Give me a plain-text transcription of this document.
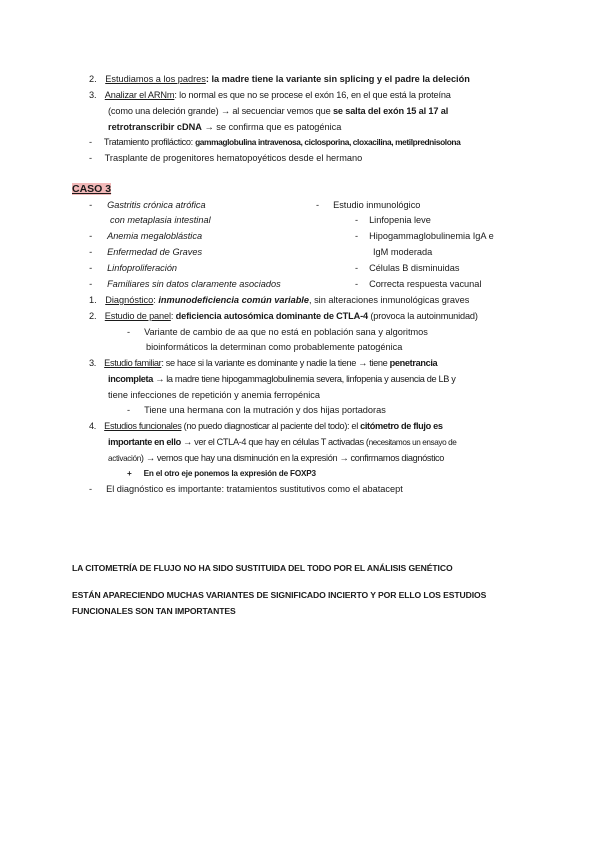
2. Estudiamos a los padres: la madre tiene la variante sin splicing y el padre la deleción
3. Analizar el ARNm: lo normal es que no se procese el exón 16, en el que está la proteína
(como una deleción grande) → al secuenciar vemos que se salta del exón 15 al 17 al
retrotranscribir cDNA → se confirma que es patogénica
- Tratamiento profiláctico: gammaglobulina intravenosa, ciclosporina, cloxacilina, metilprednisolona
- Trasplante de progenitores hematopoyéticos desde el hermano
CASO 3
- Gastritis crónica atrófica
con metaplasia intestinal
- Anemia megaloblástica
- Enfermedad de Graves
- Linfoproliferación
- Familiares sin datos claramente asociados
- Estudio inmunológico
- Linfopenia leve
- Hipogammaglobulinemia IgA e
IgM moderada
- Células B disminuidas
- Correcta respuesta vacunal
1. Diagnóstico: inmunodeficiencia común variable, sin alteraciones inmunológicas graves
2. Estudio de panel: deficiencia autosómica dominante de CTLA-4 (provoca la autoinmunidad)
- Variante de cambio de aa que no está en población sana y algoritmos
bioinformáticos la determinan como probablemente patogénica
3. Estudio familiar: se hace si la variante es dominante y nadie la tiene → tiene penetrancia
incompleta → la madre tiene hipogammaglobulinemia severa, linfopenia y ausencia de LB y
tiene infecciones de repetición y anemia ferropénica
- Tiene una hermana con la mutración y dos hijas portadoras
4. Estudios funcionales (no puedo diagnosticar al paciente del todo): el citómetro de flujo es
importante en ello → ver el CTLA-4 que hay en células T activadas (necesitamos un ensayo de
activación) → vemos que hay una disminución en la expresión → confirmamos diagnóstico
+ En el otro eje ponemos la expresión de FOXP3
- El diagnóstico es importante: tratamientos sustitutivos como el abatacept
LA CITOMETRÍA DE FLUJO NO HA SIDO SUSTITUIDA DEL TODO POR EL ANÁLISIS GENÉTICO
ESTÁN APARECIENDO MUCHAS VARIANTES DE SIGNIFICADO INCIERTO Y POR ELLO LOS ESTUDIOS
FUNCIONALES SON TAN IMPORTANTES
